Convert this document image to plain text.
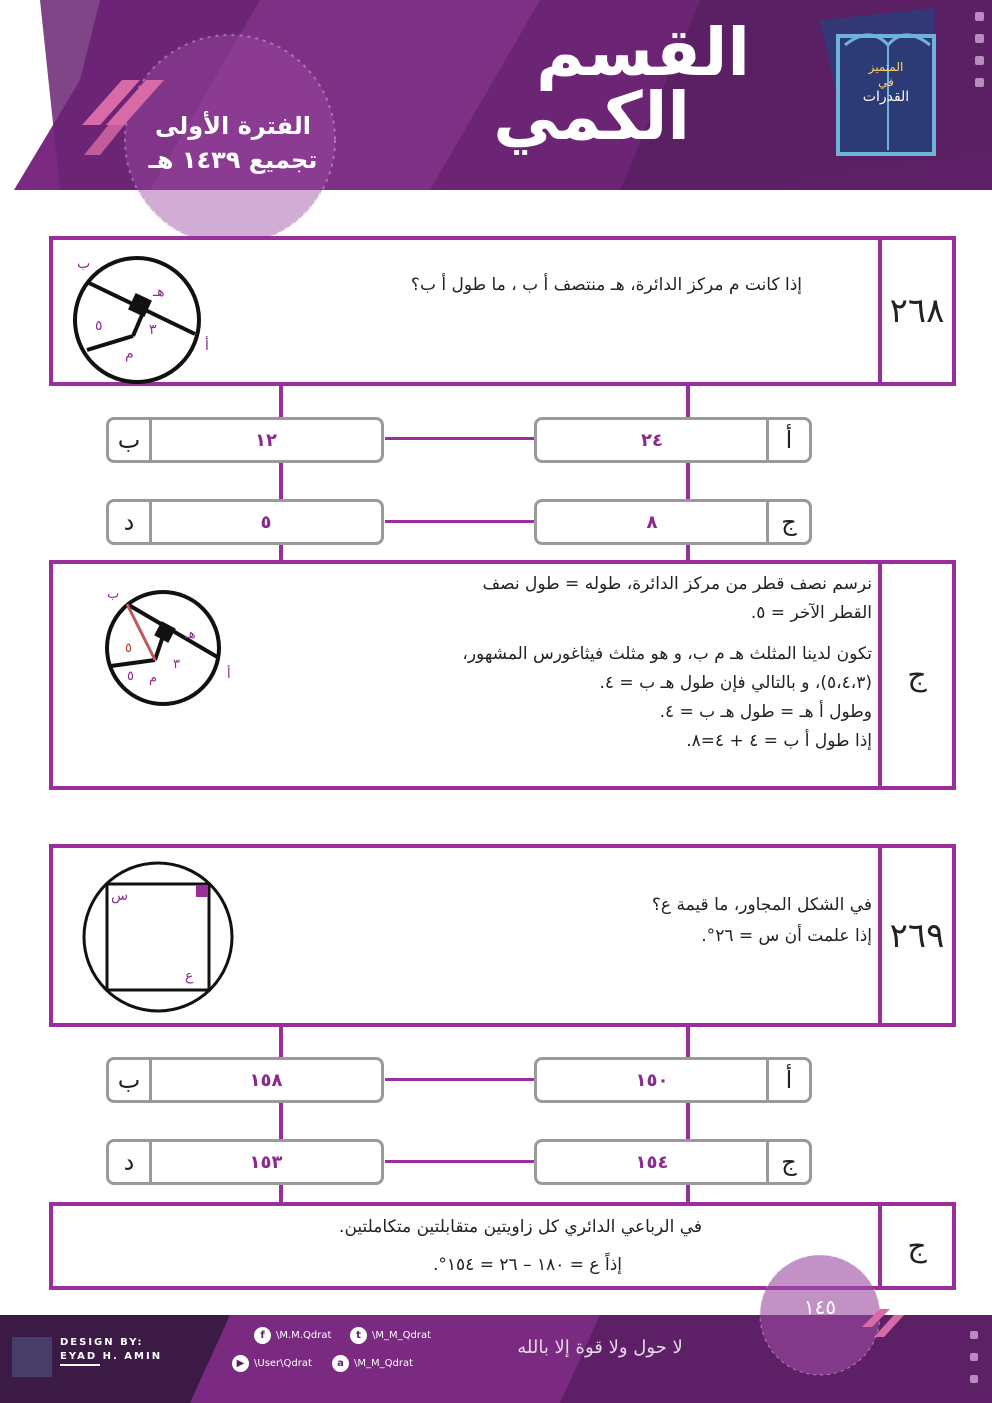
القسم
الكمي
الفترة الأولى
تجميع ١٤٣٩ هـ
المتميز
في
القدرات
٢٦٨
إذا كانت م مركز الدائرة، هـ منتصف أ ب ، ما طول أ ب؟
ب
هـ
٥	٣
م	أ
أ
٢٤
ب	١٢
ج
٨
د	٥
ج
نرسم نصف قطر من مركز الدائرة، طوله = طول نصف
القطر الآخر = ٥.
تكون لدينا المثلث هـ م ب، و هو مثلث فيثاغورس المشهور،
(٥،٤،٣)، و بالتالي فإن طول هـ ب = ٤.
وطول أ هـ = طول هـ ب = ٤.
إذا طول أ ب = ٤ + ٤=٨.
ب
هـ
٥
٣
٥ م	أ
٢٦٩
في الشكل المجاور، ما قيمة ع؟
إذا علمت أن س = ٢٦°.
س
ع
أ
١٥٠
ب	١٥٨
ج
١٥٤
د	١٥٣
ج
في الرباعي الدائري كل زاويتين متقابلتين متكاملتين.
إذاً ع = ١٨٠ – ٢٦ = ١٥٤°.
١٤٥
DESIGN BY:
EYAD H. AMIN
f	\M.M.Qdrat	t	\M_M_Qdrat
▶ \User\Qdrat	a	\M_M_Qdrat
لا حول ولا قوة إلا بالله
